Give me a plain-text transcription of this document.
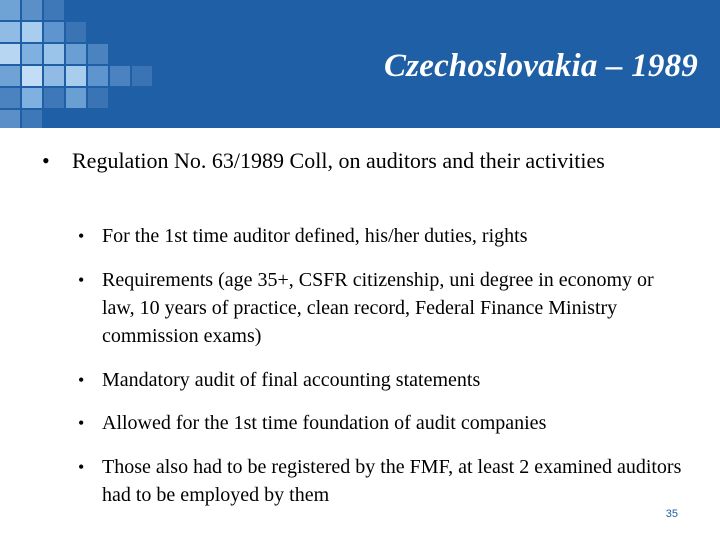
Czechoslovakia – 1989
• Regulation No. 63/1989 Coll, on auditors and their activities
• For the 1st time auditor defined, his/her duties, rights
• Requirements (age 35+, CSFR citizenship, uni degree in economy or law, 10 years of practice, clean record, Federal Finance Ministry commission exams)
• Mandatory audit of final accounting statements
• Allowed for the 1st time foundation of audit companies
• Those also had to be registered by the FMF, at least 2 examined auditors had to be employed by them
35
